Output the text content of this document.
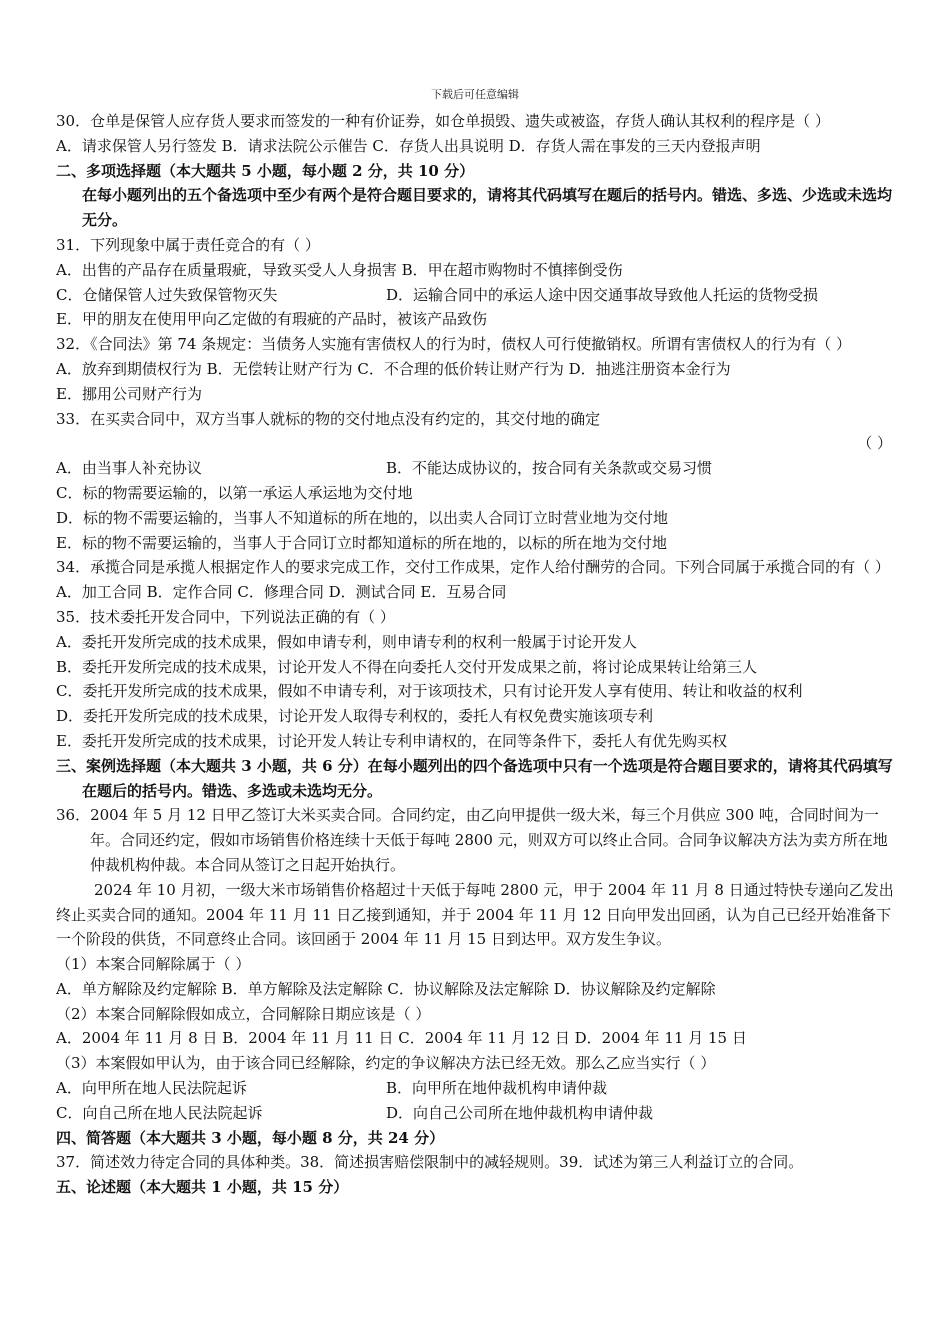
下载后可任意编辑
30．仓单是保管人应存货人要求而签发的一种有价证券，如仓单损毁、遗失或被盗，存货人确认其权利的程序是（ ）
A．请求保管人另行签发 B．请求法院公示催告 C．存货人出具说明 D．存货人需在事发的三天内登报声明
二、多项选择题（本大题共 5 小题，每小题 2 分，共 10 分）
在每小题列出的五个备选项中至少有两个是符合题目要求的，请将其代码填写在题后的括号内。错选、多选、少选或未选均无分。
31．下列现象中属于责任竞合的有（ ）
A．出售的产品存在质量瑕疵，导致买受人人身损害 B．甲在超市购物时不慎摔倒受伤
C．仓储保管人过失致保管物灭失	D．运输合同中的承运人途中因交通事故导致他人托运的货物受损
E．甲的朋友在使用甲向乙定做的有瑕疵的产品时，被该产品致伤
32．《合同法》第 74 条规定：当债务人实施有害债权人的行为时，债权人可行使撤销权。所谓有害债权人的行为有（ ）
A．放弃到期债权行为 B．无偿转让财产行为 C．不合理的低价转让财产行为 D．抽逃注册资本金行为
E．挪用公司财产行为
33．在买卖合同中，双方当事人就标的物的交付地点没有约定的，其交付地的确定
（ ）
A．由当事人补充协议	B．不能达成协议的，按合同有关条款或交易习惯
C．标的物需要运输的，以第一承运人承运地为交付地
D．标的物不需要运输的，当事人不知道标的所在地的，以出卖人合同订立时营业地为交付地
E．标的物不需要运输的，当事人于合同订立时都知道标的所在地的，以标的所在地为交付地
34．承揽合同是承揽人根据定作人的要求完成工作，交付工作成果，定作人给付酬劳的合同。下列合同属于承揽合同的有（ ）
A．加工合同 B．定作合同 C．修理合同 D．测试合同 E．互易合同
35．技术委托开发合同中，下列说法正确的有（ ）
A．委托开发所完成的技术成果，假如申请专利，则申请专利的权利一般属于讨论开发人
B．委托开发所完成的技术成果，讨论开发人不得在向委托人交付开发成果之前，将讨论成果转让给第三人
C．委托开发所完成的技术成果，假如不申请专利，对于该项技术，只有讨论开发人享有使用、转让和收益的权利
D．委托开发所完成的技术成果，讨论开发人取得专利权的，委托人有权免费实施该项专利
E．委托开发所完成的技术成果，讨论开发人转让专利申请权的，在同等条件下，委托人有优先购买权
三、案例选择题（本大题共 3 小题，共 6 分）在每小题列出的四个备选项中只有一个选项是符合题目要求的，请将其代码填写在题后的括号内。错选、多选或未选均无分。
36．2004 年 5 月 12 日甲乙签订大米买卖合同。合同约定，由乙向甲提供一级大米，每三个月供应 300 吨，合同时间为一年。合同还约定，假如市场销售价格连续十天低于每吨 2800 元，则双方可以终止合同。合同争议解决方法为卖方所在地仲裁机构仲裁。本合同从签订之日起开始执行。
2024 年 10 月初，一级大米市场销售价格超过十天低于每吨 2800 元，甲于 2004 年 11 月 8 日通过特快专递向乙发出终止买卖合同的通知。2004 年 11 月 11 日乙接到通知，并于 2004 年 11 月 12 日向甲发出回函，认为自己已经开始准备下一个阶段的供货，不同意终止合同。该回函于 2004 年 11 月 15 日到达甲。双方发生争议。
（1）本案合同解除属于（ ）
A．单方解除及约定解除 B．单方解除及法定解除 C．协议解除及法定解除 D．协议解除及约定解除
（2）本案合同解除假如成立，合同解除日期应该是（ ）
A．2004 年 11 月 8 日 B．2004 年 11 月 11 日 C．2004 年 11 月 12 日 D．2004 年 11 月 15 日
（3）本案假如甲认为，由于该合同已经解除，约定的争议解决方法已经无效。那么乙应当实行（ ）
A．向甲所在地人民法院起诉	B．向甲所在地仲裁机构申请仲裁
C．向自己所在地人民法院起诉	D．向自己公司所在地仲裁机构申请仲裁
四、简答题（本大题共 3 小题，每小题 8 分，共 24 分）
37．简述效力待定合同的具体种类。38．简述损害赔偿限制中的减轻规则。39．试述为第三人利益订立的合同。
五、论述题（本大题共 1 小题，共 15 分）
